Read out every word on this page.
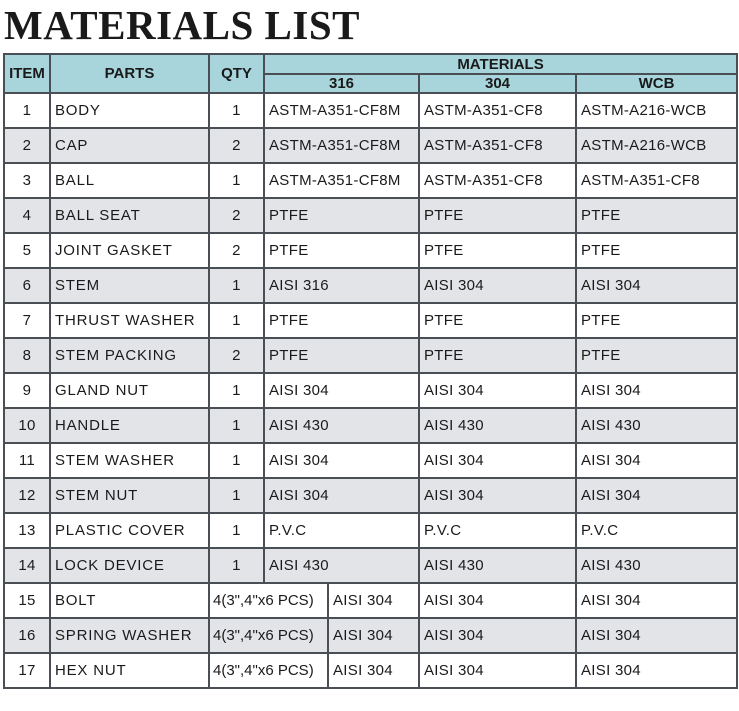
MATERIALS LIST
ITEM	PARTS	QTY	MATERIALS			
			316		304	WCB
1	BODY	1	ASTM-A351-CF8M		ASTM-A351-CF8	ASTM-A216-WCB
2	CAP	2	ASTM-A351-CF8M		ASTM-A351-CF8	ASTM-A216-WCB
3	BALL	1	ASTM-A351-CF8M		ASTM-A351-CF8	ASTM-A351-CF8
4	BALL SEAT	2	PTFE		PTFE	PTFE
5	JOINT GASKET	2	PTFE		PTFE	PTFE
6	STEM	1	AISI 316		AISI 304	AISI 304
7	THRUST WASHER	1	PTFE		PTFE	PTFE
8	STEM PACKING	2	PTFE		PTFE	PTFE
9	GLAND NUT	1	AISI 304		AISI 304	AISI 304
10	HANDLE	1	AISI 430		AISI 430	AISI 430
11	STEM WASHER	1	AISI 304		AISI 304	AISI 304
12	STEM NUT	1	AISI 304		AISI 304	AISI 304
13	PLASTIC COVER	1	P.V.C		P.V.C	P.V.C
14	LOCK DEVICE	1	AISI 430		AISI 430	AISI 430
15	BOLT	4(3",4"x6 PCS)		AISI 304	AISI 304	AISI 304
16	SPRING WASHER	4(3",4"x6 PCS)		AISI 304	AISI 304	AISI 304
17	HEX NUT	4(3",4"x6 PCS)		AISI 304	AISI 304	AISI 304
